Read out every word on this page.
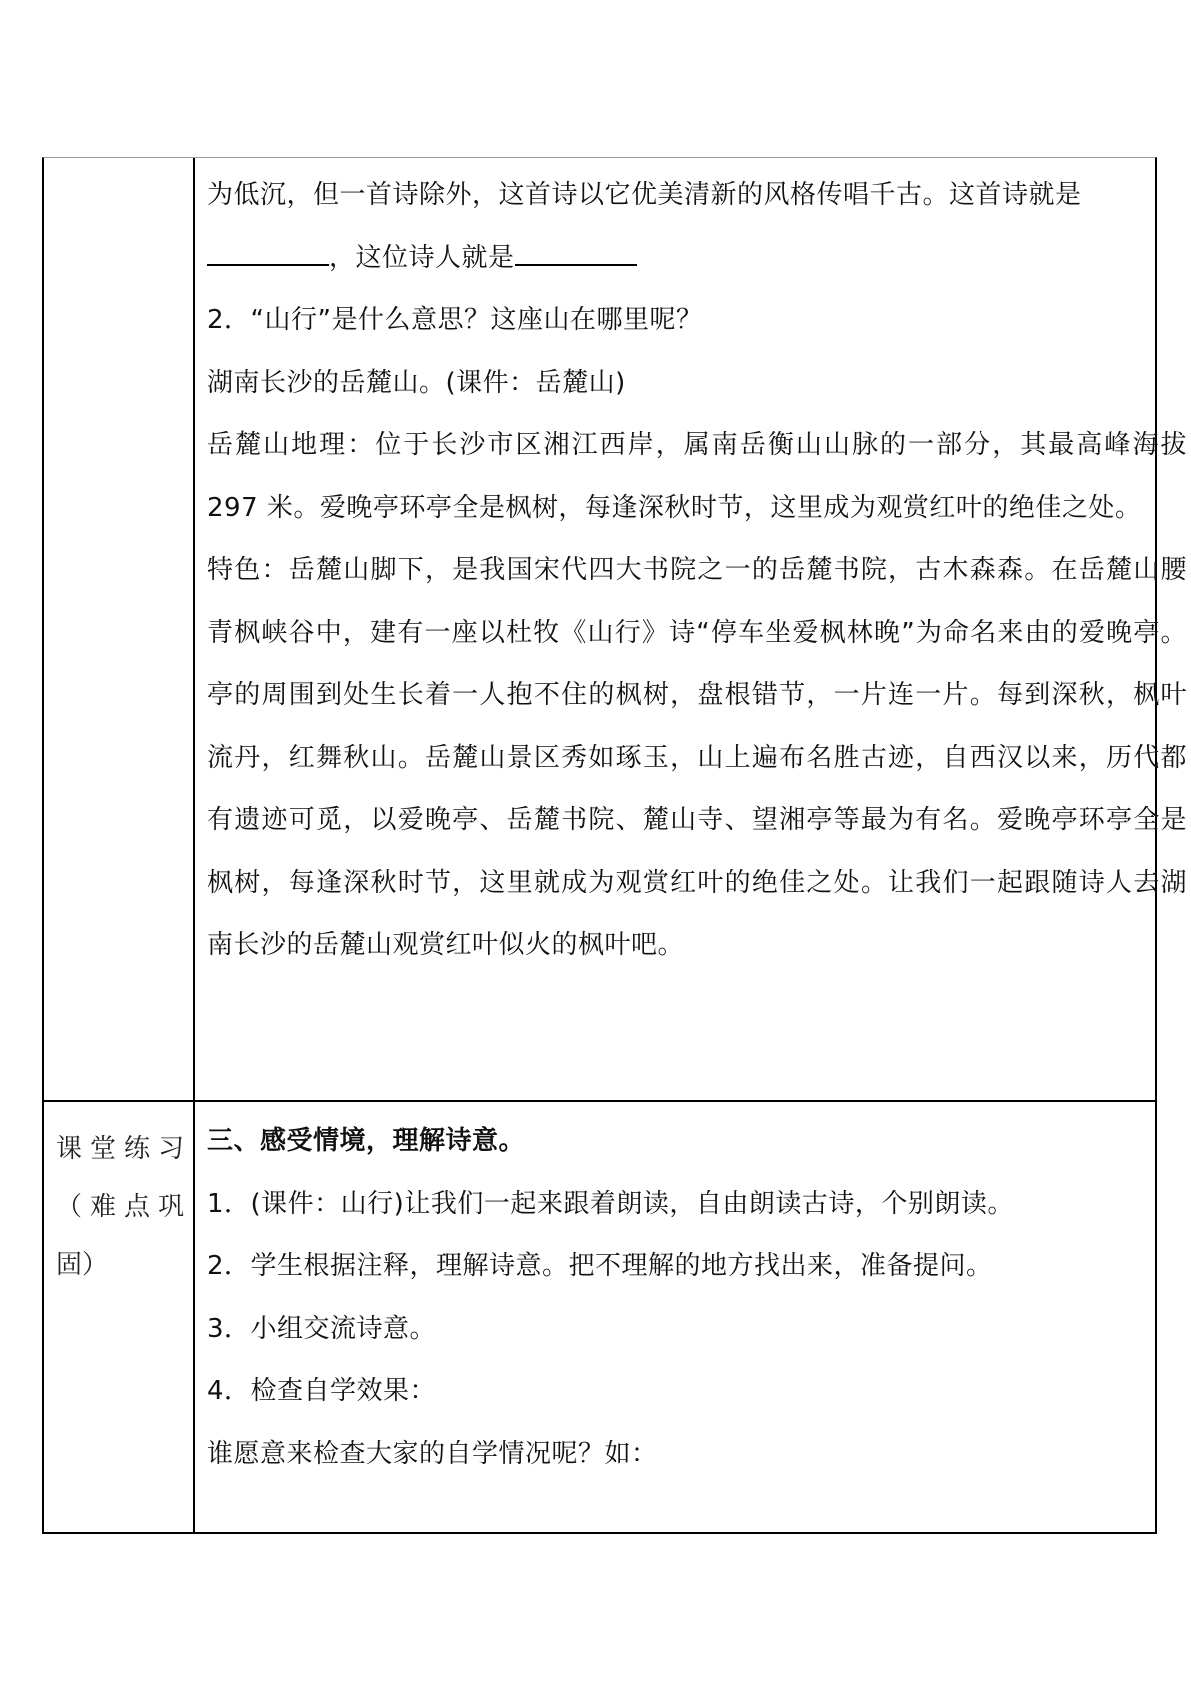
为低沉，但一首诗除外，这首诗以它优美清新的风格传唱千古。这首诗就是
，这位诗人就是

2．“山行”是什么意思？这座山在哪里呢？

湖南长沙的岳麓山。(课件：岳麓山)

岳麓山地理：位于长沙市区湘江西岸，属南岳衡山山脉的一部分，其最高峰海拔 297 米。爱晚亭环亭全是枫树，每逢深秋时节，这里成为观赏红叶的绝佳之处。

特色：岳麓山脚下，是我国宋代四大书院之一的岳麓书院，古木森森。在岳麓山腰青枫峡谷中，建有一座以杜牧《山行》诗“停车坐爱枫林晚”为命名来由的爱晚亭。亭的周围到处生长着一人抱不住的枫树，盘根错节，一片连一片。每到深秋，枫叶流丹，红舞秋山。岳麓山景区秀如琢玉，山上遍布名胜古迹，自西汉以来，历代都有遗迹可觅，以爱晚亭、岳麓书院、麓山寺、望湘亭等最为有名。爱晚亭环亭全是枫树，每逢深秋时节，这里就成为观赏红叶的绝佳之处。让我们一起跟随诗人去湖南长沙的岳麓山观赏红叶似火的枫叶吧。

课堂练习

（难点巩

固）

三、感受情境，理解诗意。

1．(课件：山行)让我们一起来跟着朗读，自由朗读古诗，个别朗读。

2．学生根据注释，理解诗意。把不理解的地方找出来，准备提问。

3．小组交流诗意。

4．检查自学效果：

谁愿意来检查大家的自学情况呢？如：
